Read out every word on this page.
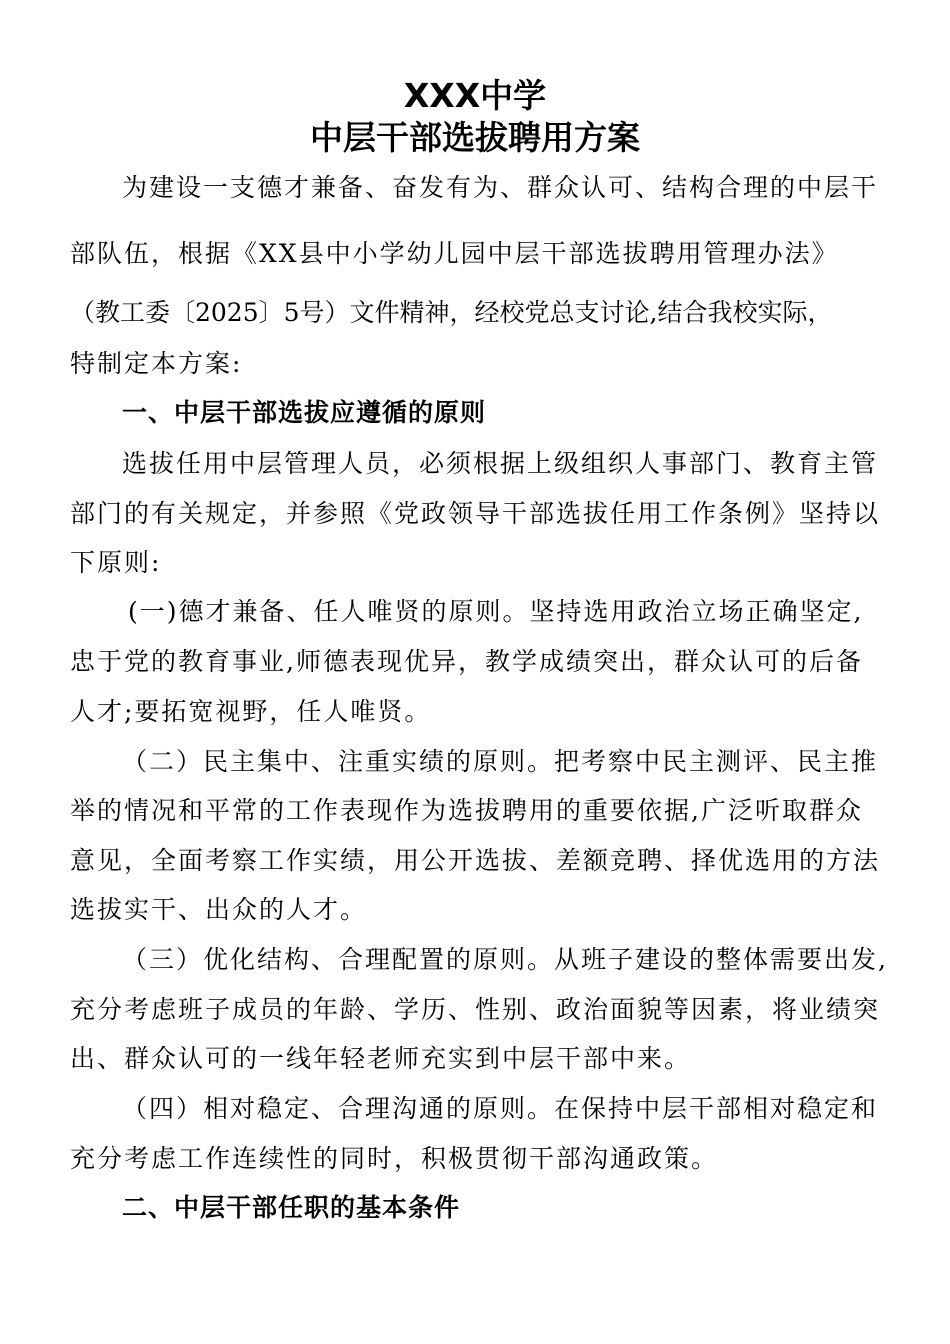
XXX中学
中层干部选拔聘用方案
为建设一支德才兼备、奋发有为、群众认可、结构合理的中层干
部队伍，根据《XX县中小学幼儿园中层干部选拔聘用管理办法》
（教工委〔2025〕5号）文件精神，经校党总支讨论,结合我校实际，
特制定本方案:
一、中层干部选拔应遵循的原则
选拔任用中层管理人员，必须根据上级组织人事部门、教育主管
部门的有关规定，并参照《党政领导干部选拔任用工作条例》坚持以
下原则:
(一)德才兼备、任人唯贤的原则。坚持选用政治立场正确坚定,
忠于党的教育事业,师德表现优异，教学成绩突出，群众认可的后备
人才;要拓宽视野，任人唯贤。
（二）民主集中、注重实绩的原则。把考察中民主测评、民主推
举的情况和平常的工作表现作为选拔聘用的重要依据,广泛听取群众
意见，全面考察工作实绩，用公开选拔、差额竞聘、择优选用的方法
选拔实干、出众的人才。
（三）优化结构、合理配置的原则。从班子建设的整体需要出发,
充分考虑班子成员的年龄、学历、性别、政治面貌等因素，将业绩突
出、群众认可的一线年轻老师充实到中层干部中来。
（四）相对稳定、合理沟通的原则。在保持中层干部相对稳定和
充分考虑工作连续性的同时，积极贯彻干部沟通政策。
二、中层干部任职的基本条件
